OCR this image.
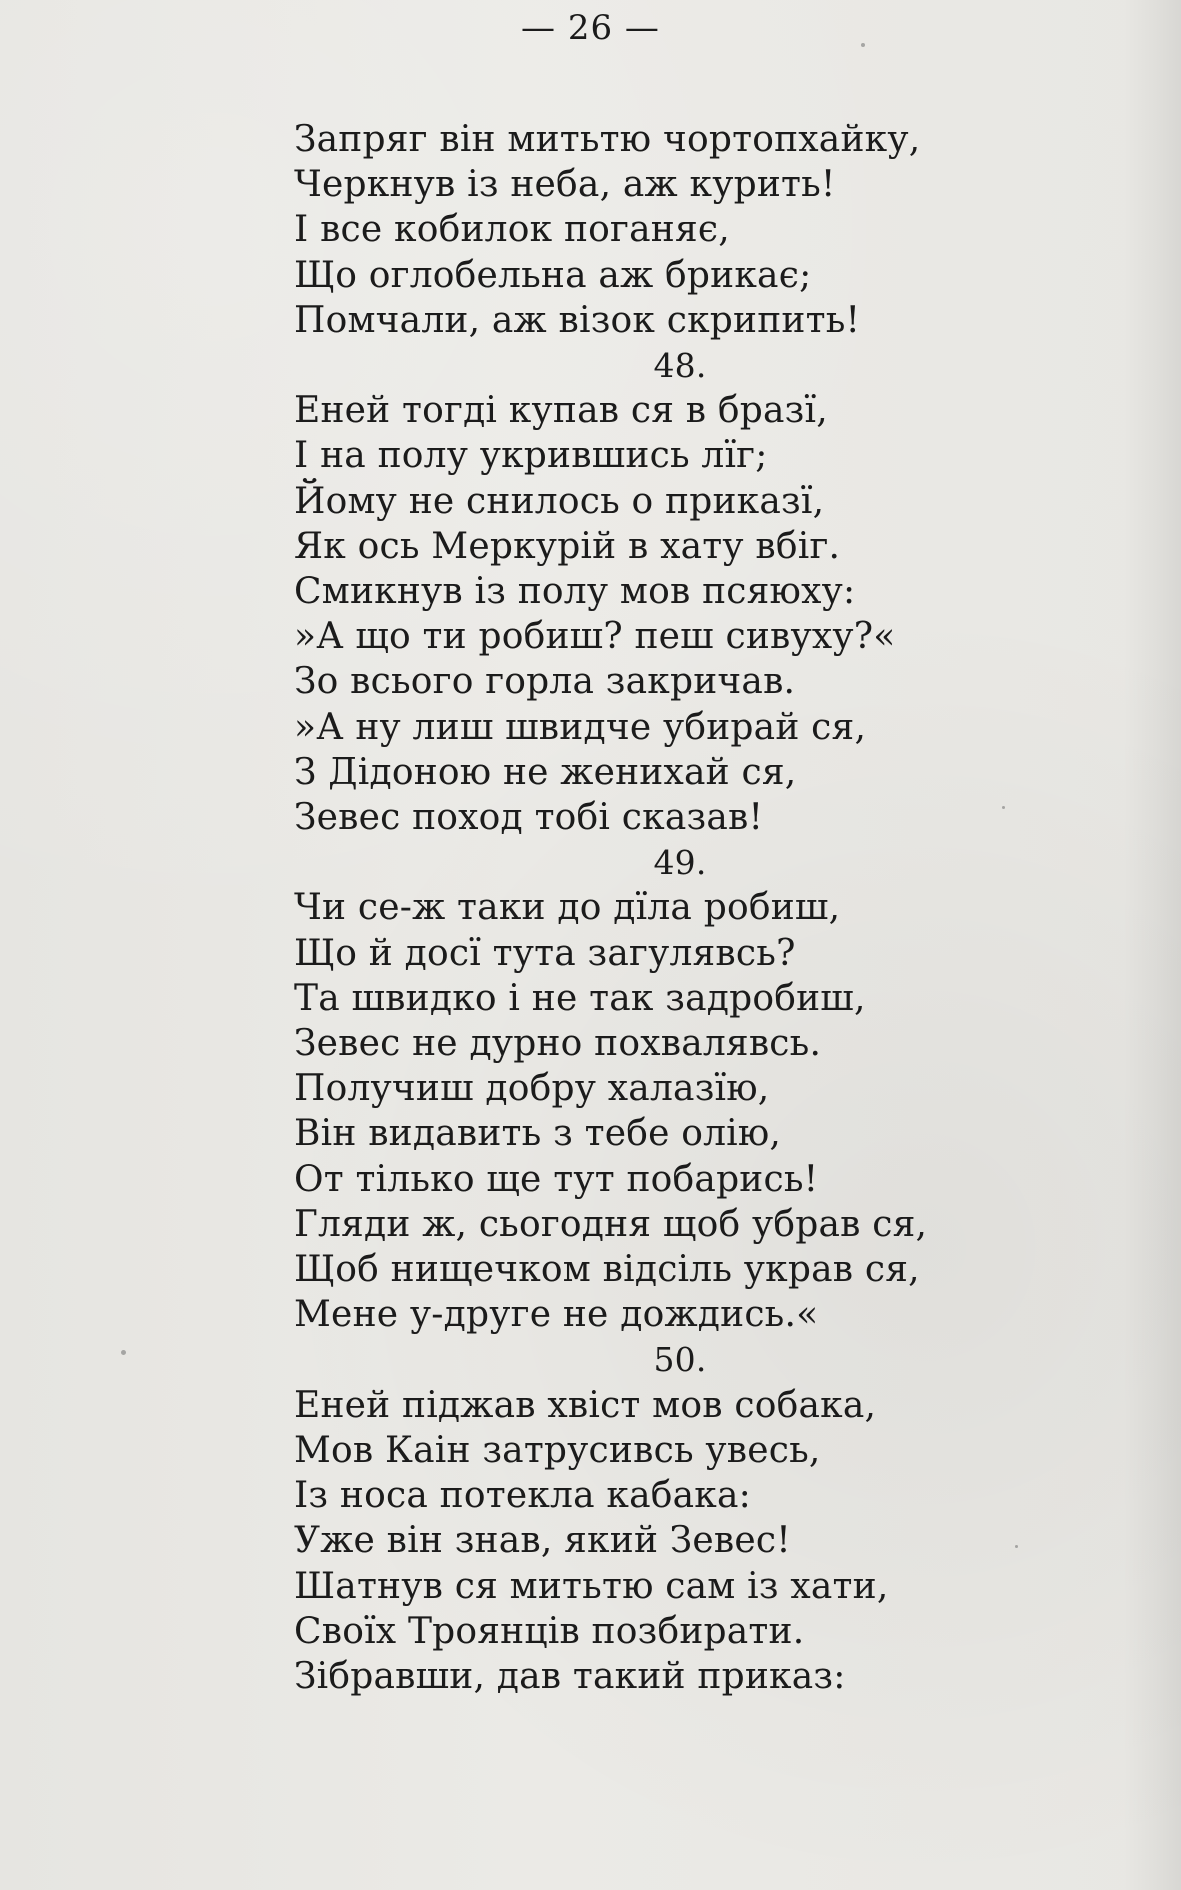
— 26 —
Запряг він митьтю чортопхайку,
Черкнув із неба, аж курить!
І все кобилок поганяє,
Що оглобельна аж брикає;
Помчали, аж візок скрипить!
48.
Еней тогді купав ся в бразї,
І на полу укрившись лїг;
Йому не снилось о приказї,
Як ось Меркурій в хату вбіг.
Смикнув із полу мов псяюху:
»А що ти робиш? пеш сивуху?«
Зо всього горла закричав.
»А ну лиш швидче убирай ся,
З Дідоною не женихай ся,
Зевес поход тобі сказав!
49.
Чи се-ж таки до дїла робиш,
Що й досї тута загулявсь?
Та швидко і не так задробиш,
Зевес не дурно похвалявсь.
Получиш добру халазїю,
Він видавить з тебе олію,
От тілько ще тут побарись!
Гляди ж, сьогодня щоб убрав ся,
Щоб нищечком відсіль украв ся,
Мене у-друге не дождись.«
50.
Еней піджав хвіст мов собака,
Мов Каін затрусивсь увесь,
Із носа потекла кабака:
Уже він знав, який Зевес!
Шатнув ся митьтю сам із хати,
Своїх Троянців позбирати.
Зібравши, дав такий приказ:
